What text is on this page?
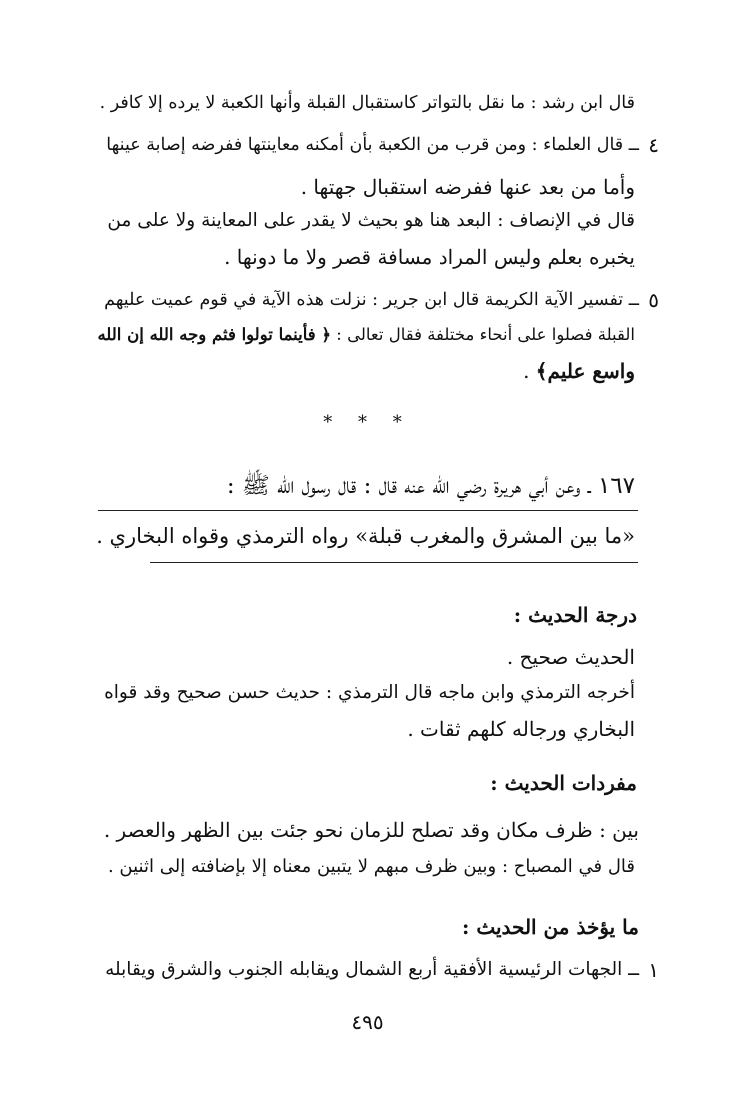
قال ابن رشد : ما نقل بالتواتر كاستقبال القبلة وأنها الكعبة لا يرده إلا كافر .
٤
ــ قال العلماء : ومن قرب من الكعبة بأن أمكنه معاينتها ففرضه إصابة عينها
وأما من بعد عنها ففرضه استقبال جهتها .
قال في الإنصاف : البعد هنا هو بحيث لا يقدر على المعاينة ولا على من
يخبره بعلم وليس المراد مسافة قصر ولا ما دونها .
٥
ــ تفسير الآية الكريمة قال ابن جرير : نزلت هذه الآية في قوم عميت عليهم
القبلة فصلوا على أنحاء مختلفة فقال تعالى : ﴿ فأينما تولوا فثم وجه الله إن الله
واسع عليم﴾ .
* * *
١٦٧ ـ وعن أبي هريرة رضي الله عنه قال : قال رسول الله ﷺ :
«ما بين المشرق والمغرب قبلة» رواه الترمذي وقواه البخاري .
درجة الحديث :
الحديث صحيح .
أخرجه الترمذي وابن ماجه قال الترمذي : حديث حسن صحيح وقد قواه
البخاري ورجاله كلهم ثقات .
مفردات الحديث :
بين : ظرف مكان وقد تصلح للزمان نحو جئت بين الظهر والعصر .
قال في المصباح : وبين ظرف مبهم لا يتبين معناه إلا بإضافته إلى اثنين .
ما يؤخذ من الحديث :
١
ــ الجهات الرئيسية الأفقية أربع الشمال ويقابله الجنوب والشرق ويقابله
٤٩٥
